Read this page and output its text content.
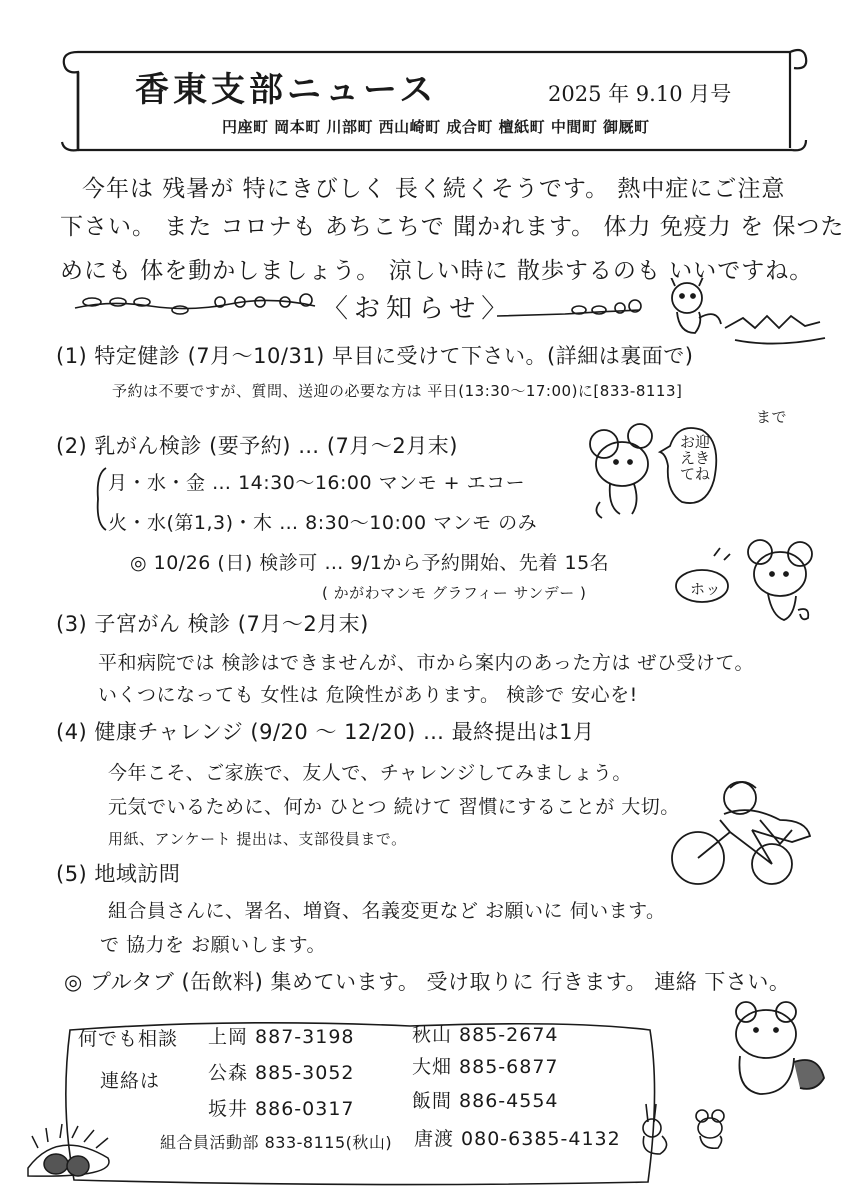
香東支部ニュース	2025 年 9.10 月号
円座町 岡本町 川部町 西山崎町 成合町 檀紙町 中間町 御厩町
今年は 残暑が 特にきびしく 長く続くそうです。 熱中症にご注意
下さい。 また コロナも あちこちで 聞かれます。 体力 免疫力 を 保つた
めにも 体を動かしましょう。 涼しい時に 散歩するのも いいですね。
〈お知らせ〉
(1) 特定健診 (7月〜10/31) 早目に受けて下さい。(詳細は裏面で)
予約は不要ですが、質問、送迎の必要な方は 平日(13:30〜17:00)に[833-8113]
まで
(2) 乳がん検診 (要予約) … (7月〜2月末)
月・水・金 … 14:30〜16:00 マンモ + エコー
火・水(第1,3)・木 … 8:30〜10:00 マンモ のみ
◎ 10/26 (日) 検診可 … 9/1から予約開始、先着 15名
( かがわマンモ グラフィー サンデー )
お迎えきてね
ホッ
(3) 子宮がん 検診 (7月〜2月末)
平和病院では 検診はできませんが、市から案内のあった方は ぜひ受けて。
いくつになっても 女性は 危険性があります。 検診で 安心を!
(4) 健康チャレンジ (9/20 〜 12/20) … 最終提出は1月
今年こそ、ご家族で、友人で、チャレンジしてみましょう。
元気でいるために、何か ひとつ 続けて 習慣にすることが 大切。
用紙、アンケート 提出は、支部役員まで。
(5) 地域訪問
組合員さんに、署名、増資、名義変更など お願いに 伺います。
で 協力を お願いします。
◎ プルタブ (缶飲料) 集めています。 受け取りに 行きます。 連絡 下さい。
何でも相談
連絡は
上岡 887-3198	秋山 885-2674
公森 885-3052	大畑 885-6877
坂井 886-0317	飯間 886-4554
組合員活動部 833-8115(秋山) 唐渡 080-6385-4132
